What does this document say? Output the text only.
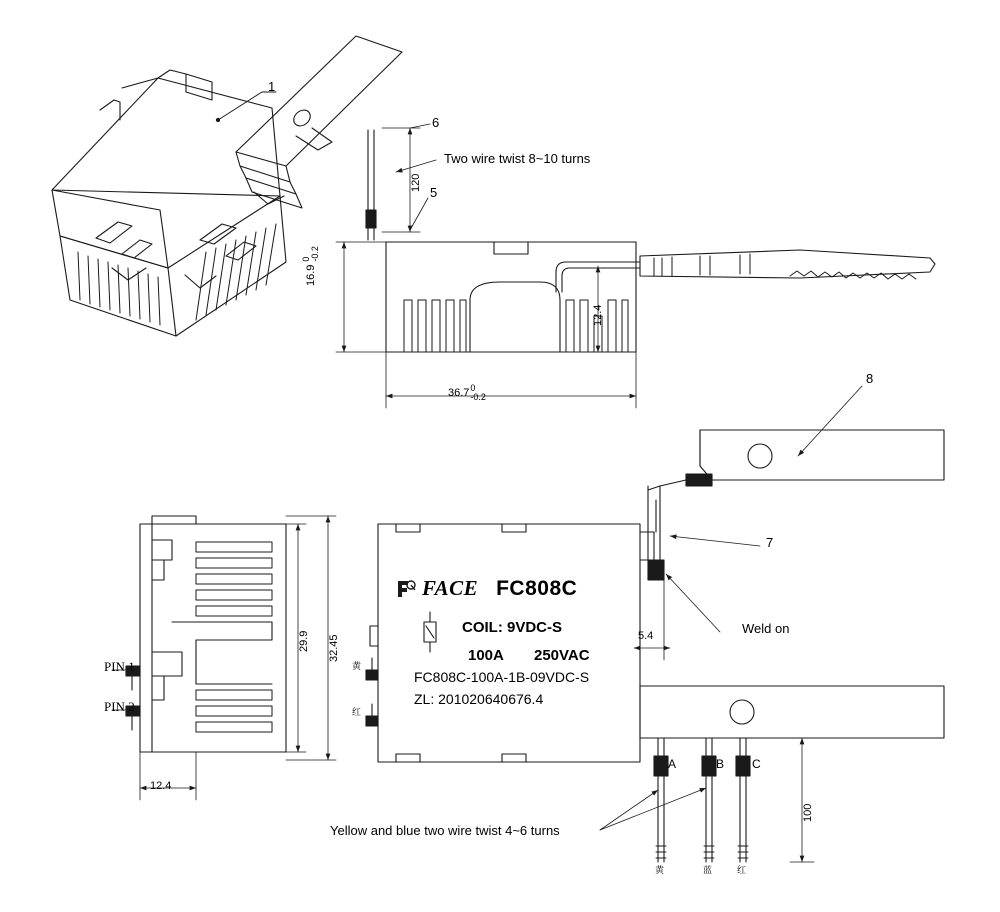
1
6
5
7
8
Two wire twist 8~10 turns
Weld on
Yellow and blue two wire twist 4~6 turns
120
16.9
0 -0.2
12.4
36.7 0
-0.2
29.9 32.45
12.4
5.4
100
PIN 1
PIN 2
FACE FC808C
COIL: 9VDC-S
100A 250VAC
FC808C-100A-1B-09VDC-S
ZL: 201020640676.4
黄
红
A	B C
黄	蓝	红
